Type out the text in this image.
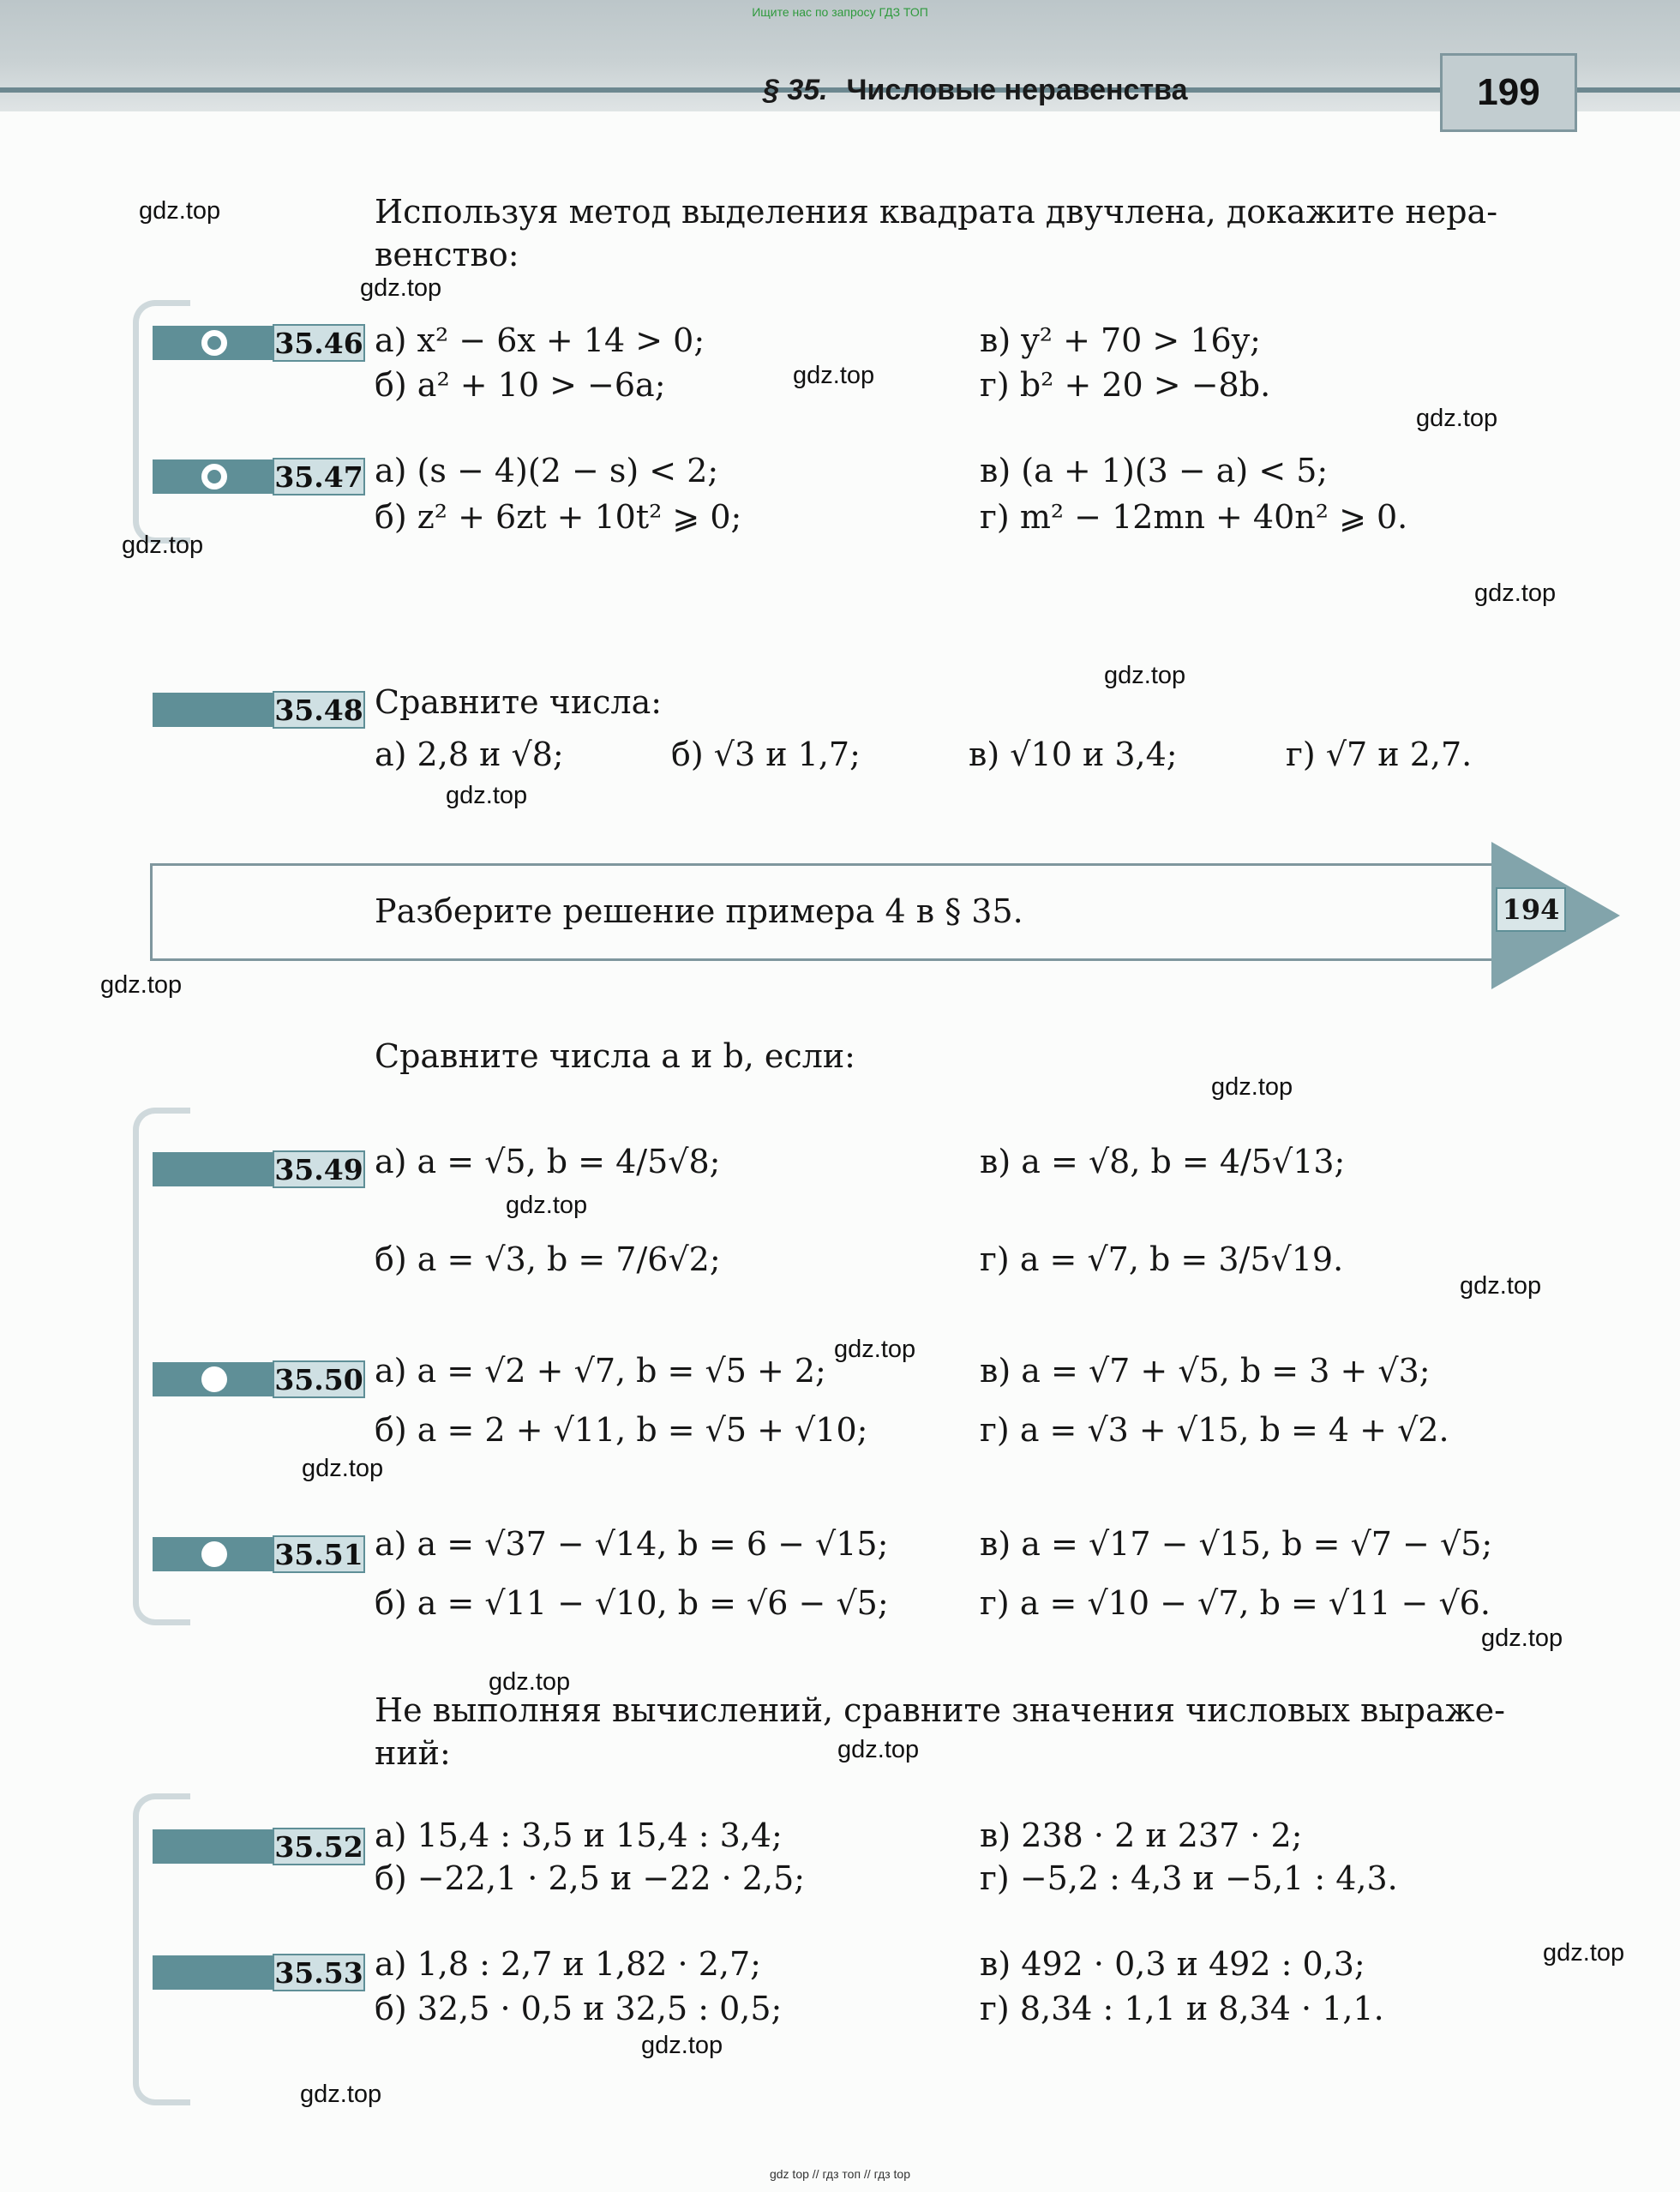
Ищите нас по запросу ГДЗ ТОП
§ 35. Числовые неравенства	199
Используя метод выделения квадрата двучлена, докажите нера-
венство:
35.46 а) x² − 6x + 14 > 0;	в) y² + 70 > 16y;
б) a² + 10 > −6a;	г) b² + 20 > −8b.
35.47 а) (s − 4)(2 − s) < 2;	в) (a + 1)(3 − a) < 5;
б) z² + 6zt + 10t² ⩾ 0;	г) m² − 12mn + 40n² ⩾ 0.
35.48 Сравните числа:
а) 2,8 и √8;	б) √3 и 1,7;	в) √10 и 3,4;	г) √7 и 2,7.
194
Разберите решение примера 4 в § 35.
Сравните числа a и b, если:
35.49 а) a = √5, b = 4/5√8;	в) a = √8, b = 4/5√13;
б) a = √3, b = 7/6√2;	г) a = √7, b = 3/5√19.
35.50 а) a = √2 + √7, b = √5 + 2;	в) a = √7 + √5, b = 3 + √3;
б) a = 2 + √11, b = √5 + √10;	г) a = √3 + √15, b = 4 + √2.
35.51 а) a = √37 − √14, b = 6 − √15;	в) a = √17 − √15, b = √7 − √5;
б) a = √11 − √10, b = √6 − √5;	г) a = √10 − √7, b = √11 − √6.
Не выполняя вычислений, сравните значения числовых выраже-
ний:
35.52 а) 15,4 : 3,5 и 15,4 : 3,4;	в) 238 · 2 и 237 · 2;
б) −22,1 · 2,5 и −22 · 2,5;	г) −5,2 : 4,3 и −5,1 : 4,3.
35.53 а) 1,8 : 2,7 и 1,82 · 2,7;	в) 492 · 0,3 и 492 : 0,3;
б) 32,5 · 0,5 и 32,5 : 0,5;	г) 8,34 : 1,1 и 8,34 · 1,1.
gdz.top
gdz.top
gdz.top
gdz.top
gdz.top
gdz.top
gdz.top
gdz.top
gdz.top
gdz.top
gdz.top
gdz.top
gdz.top
gdz.top
gdz.top
gdz.top
gdz.top
gdz.top
gdz.top
gdz.top
gdz top // гдз топ // гдз top
